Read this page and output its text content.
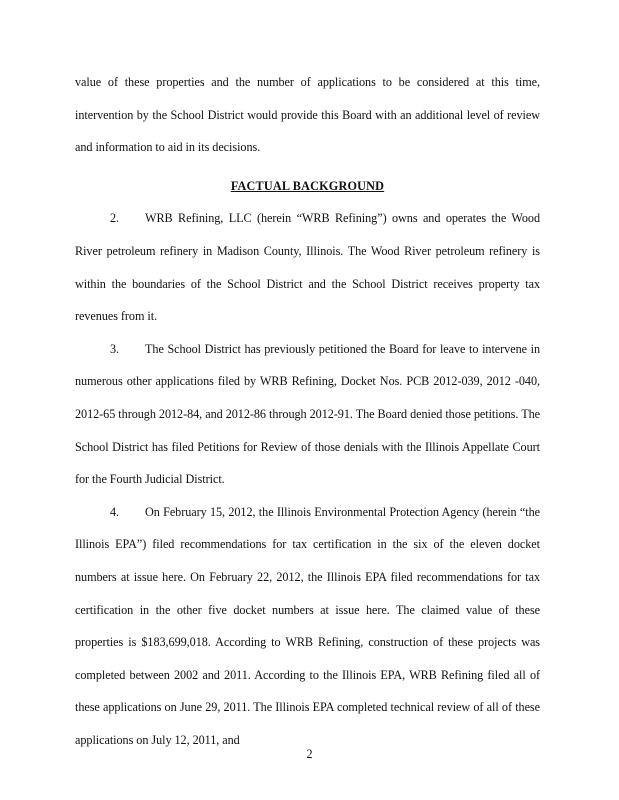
value of these properties and the number of applications to be considered at this time, intervention by the School District would provide this Board with an additional level of review and information to aid in its decisions.

FACTUAL BACKGROUND

2. WRB Refining, LLC (herein “WRB Refining”) owns and operates the Wood River petroleum refinery in Madison County, Illinois. The Wood River petroleum refinery is within the boundaries of the School District and the School District receives property tax revenues from it.

3. The School District has previously petitioned the Board for leave to intervene in numerous other applications filed by WRB Refining, Docket Nos. PCB 2012-039, 2012 -040, 2012-65 through 2012-84, and 2012-86 through 2012-91. The Board denied those petitions. The School District has filed Petitions for Review of those denials with the Illinois Appellate Court for the Fourth Judicial District.

4. On February 15, 2012, the Illinois Environmental Protection Agency (herein “the Illinois EPA”) filed recommendations for tax certification in the six of the eleven docket numbers at issue here. On February 22, 2012, the Illinois EPA filed recommendations for tax certification in the other five docket numbers at issue here. The claimed value of these properties is $183,699,018. According to WRB Refining, construction of these projects was completed between 2002 and 2011. According to the Illinois EPA, WRB Refining filed all of these applications on June 29, 2011. The Illinois EPA completed technical review of all of these applications on July 12, 2011, and

2
